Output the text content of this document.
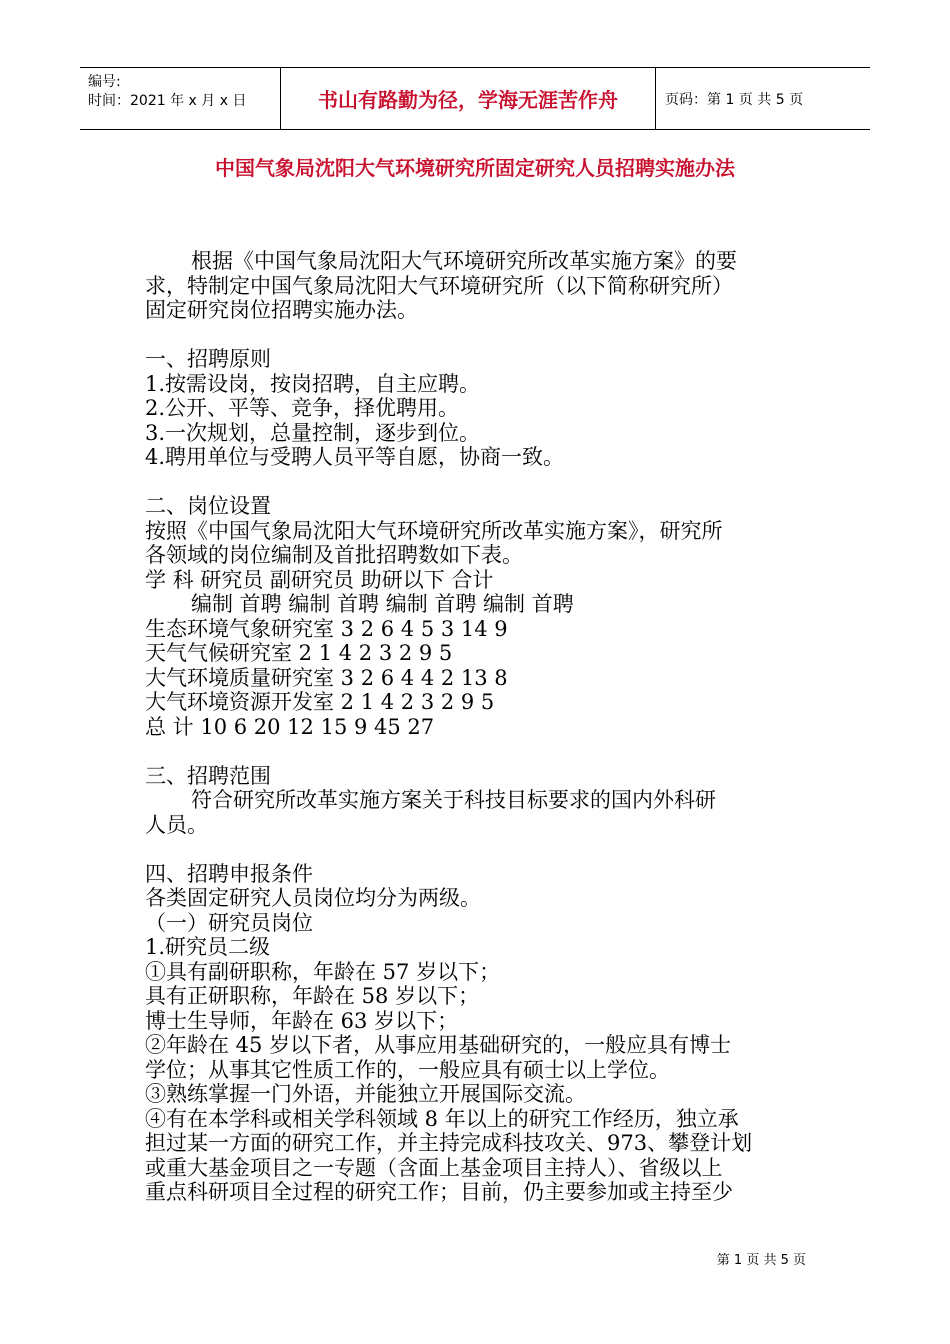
编号:
时间：2021 年 x 月 x 日	书山有路勤为径，学海无涯苦作舟	页码：第 1 页 共 5 页
中国气象局沈阳大气环境研究所固定研究人员招聘实施办法
根据《中国气象局沈阳大气环境研究所改革实施方案》的要
求，特制定中国气象局沈阳大气环境研究所（以下简称研究所）
固定研究岗位招聘实施办法。
一、招聘原则
1.按需设岗，按岗招聘，自主应聘。
2.公开、平等、竞争，择优聘用。
3.一次规划，总量控制，逐步到位。
4.聘用单位与受聘人员平等自愿，协商一致。
二、岗位设置
按照《中国气象局沈阳大气环境研究所改革实施方案》，研究所
各领域的岗位编制及首批招聘数如下表。
学 科 研究员 副研究员 助研以下 合计
编制 首聘 编制 首聘 编制 首聘 编制 首聘
生态环境气象研究室 3 2 6 4 5 3 14 9
天气气候研究室 2 1 4 2 3 2 9 5
大气环境质量研究室 3 2 6 4 4 2 13 8
大气环境资源开发室 2 1 4 2 3 2 9 5
总 计 10 6 20 12 15 9 45 27
三、招聘范围
符合研究所改革实施方案关于科技目标要求的国内外科研
人员。
四、招聘申报条件
各类固定研究人员岗位均分为两级。
（一）研究员岗位
1.研究员二级
①具有副研职称，年龄在 57 岁以下；
具有正研职称，年龄在 58 岁以下；
博士生导师，年龄在 63 岁以下；
②年龄在 45 岁以下者，从事应用基础研究的，一般应具有博士
学位；从事其它性质工作的，一般应具有硕士以上学位。
③熟练掌握一门外语，并能独立开展国际交流。
④有在本学科或相关学科领域 8 年以上的研究工作经历，独立承
担过某一方面的研究工作，并主持完成科技攻关、973、攀登计划
或重大基金项目之一专题（含面上基金项目主持人）、省级以上
重点科研项目全过程的研究工作；目前，仍主要参加或主持至少
第 1 页 共 5 页
